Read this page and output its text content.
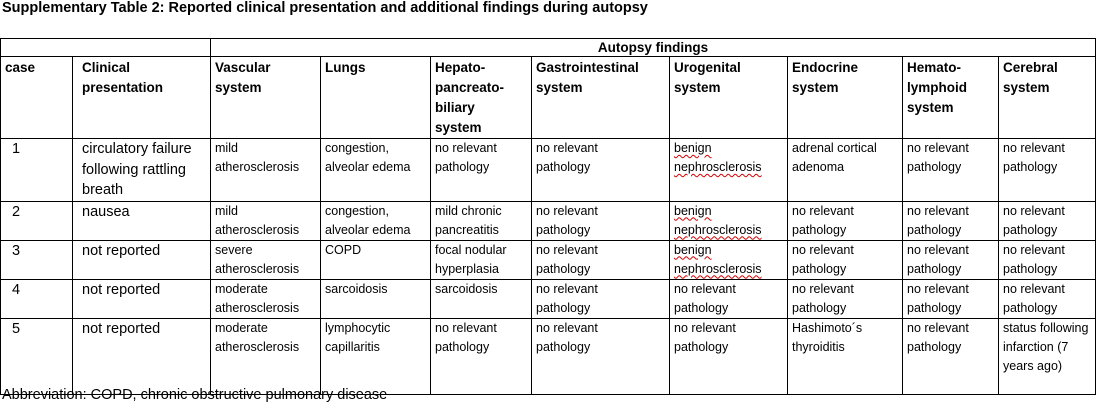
Supplementary Table 2: Reported clinical presentation and additional findings during autopsy
		Autopsy findings							
case	Clinical presentation	Vascular system	Lungs	Hepato-pancreato-biliary system	Gastrointestinal system	Urogenital system	Endocrine system	Hemato-lymphoid system	Cerebral system
1	circulatory failure following rattling breath	mild atherosclerosis	congestion, alveolar edema	no relevant pathology	no relevant pathology	benign nephrosclerosis	adrenal cortical adenoma	no relevant pathology	no relevant pathology
2	nausea	mild atherosclerosis	congestion, alveolar edema	mild chronic pancreatitis	no relevant pathology	benign nephrosclerosis	no relevant pathology	no relevant pathology	no relevant pathology
3	not reported	severe atherosclerosis	COPD	focal nodular hyperplasia	no relevant pathology	benign nephrosclerosis	no relevant pathology	no relevant pathology	no relevant pathology
4	not reported	moderate atherosclerosis	sarcoidosis	sarcoidosis	no relevant pathology	no relevant pathology	no relevant pathology	no relevant pathology	no relevant pathology
5	not reported	moderate atherosclerosis	lymphocytic capillaritis	no relevant pathology	no relevant pathology	no relevant pathology	Hashimoto´s thyroiditis	no relevant pathology	status following infarction (7 years ago)
Abbreviation: COPD, chronic obstructive pulmonary disease
